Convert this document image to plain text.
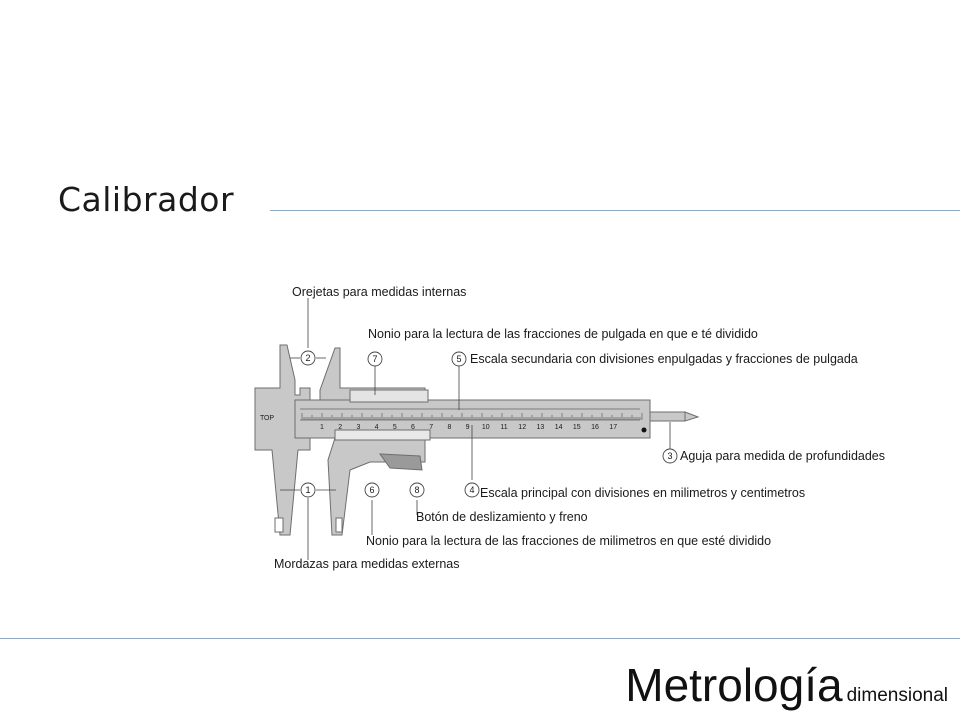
Calibrador
ТОР
1 2 3 4 5 6 7 8 9 10 11 12 13 14 15 16 17
2	7	5
3
4
1	6	8
Orejetas para medidas internas
Nonio para la lectura de las fracciones de pulgada en que e té dividido
Escala secundaria con divisiones enpulgadas y fracciones de pulgada
Aguja para medida de profundidades
Escala principal con divisiones en milimetros y centimetros
Botón de deslizamiento y freno
Nonio para la lectura de las fracciones de milimetros en que esté dividido
Mordazas para medidas externas
Metrología dimensional
